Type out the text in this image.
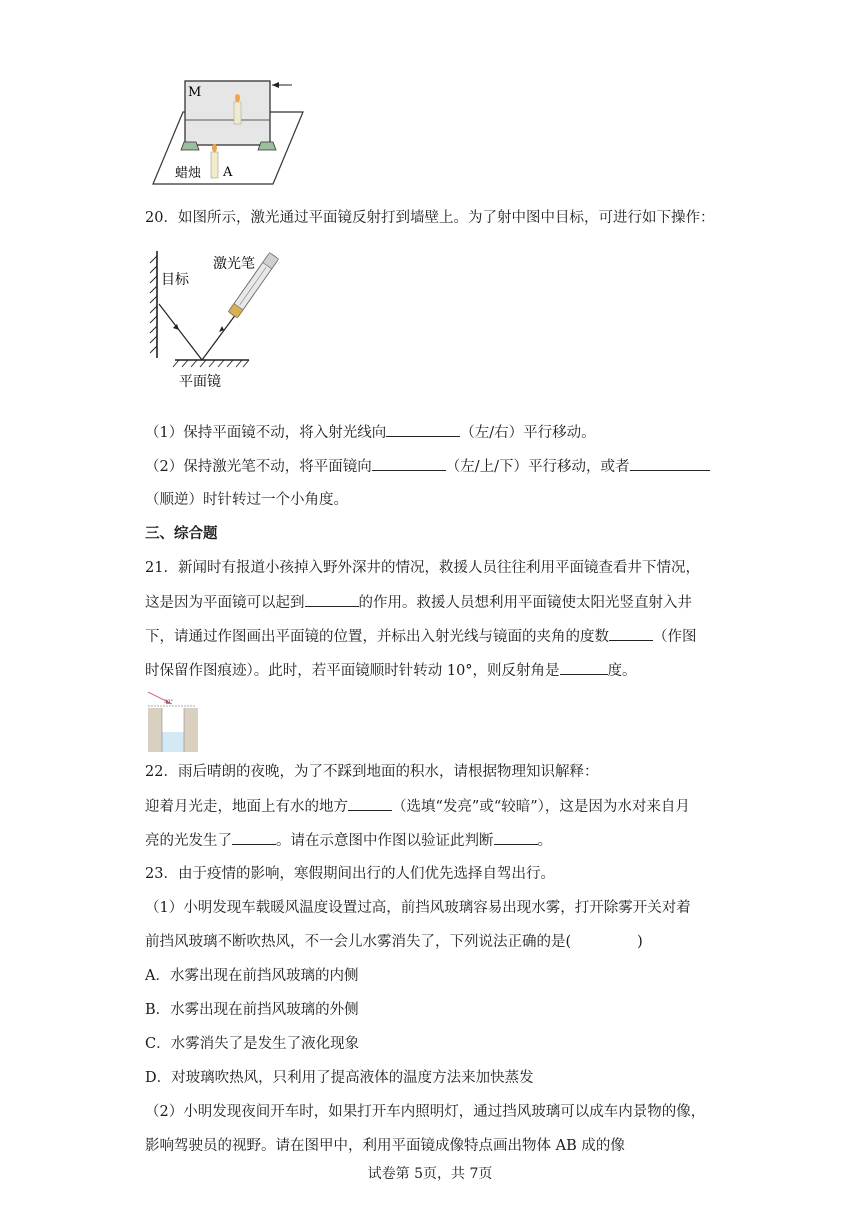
M
蜡烛 A
20．如图所示，激光通过平面镜反射打到墙壁上。为了射中图中目标，可进行如下操作：
目标
激光笔
平面镜
（1）保持平面镜不动，将入射光线向	（左/右）平行移动。
（2）保持激光笔不动，将平面镜向	（左/上/下）平行移动，或者
（顺逆）时针转过一个小角度。
三、综合题
21．新闻时有报道小孩掉入野外深井的情况，救援人员往往利用平面镜查看井下情况，
这是因为平面镜可以起到	的作用。救援人员想利用平面镜使太阳光竖直射入井
下，请通过作图画出平面镜的位置，并标出入射光线与镜面的夹角的度数	（作图
时保留作图痕迹）。此时，若平面镜顺时针转动 10°，则反射角是	度。
30°
22．雨后晴朗的夜晚，为了不踩到地面的积水，请根据物理知识解释：
迎着月光走，地面上有水的地方	（选填“发亮”或“较暗”），这是因为水对来自月
亮的光发生了	。请在示意图中作图以验证此判断	。
23．由于疫情的影响，寒假期间出行的人们优先选择自驾出行。
（1）小明发现车载暖风温度设置过高，前挡风玻璃容易出现水雾，打开除雾开关对着
前挡风玻璃不断吹热风，不一会儿水雾消失了，下列说法正确的是(	)
A．水雾出现在前挡风玻璃的内侧
B．水雾出现在前挡风玻璃的外侧
C．水雾消失了是发生了液化现象
D．对玻璃吹热风，只利用了提高液体的温度方法来加快蒸发
（2）小明发现夜间开车时，如果打开车内照明灯，通过挡风玻璃可以成车内景物的像，
影响驾驶员的视野。请在图甲中，利用平面镜成像特点画出物体 AB 成的像
试卷第 5页，共 7页
